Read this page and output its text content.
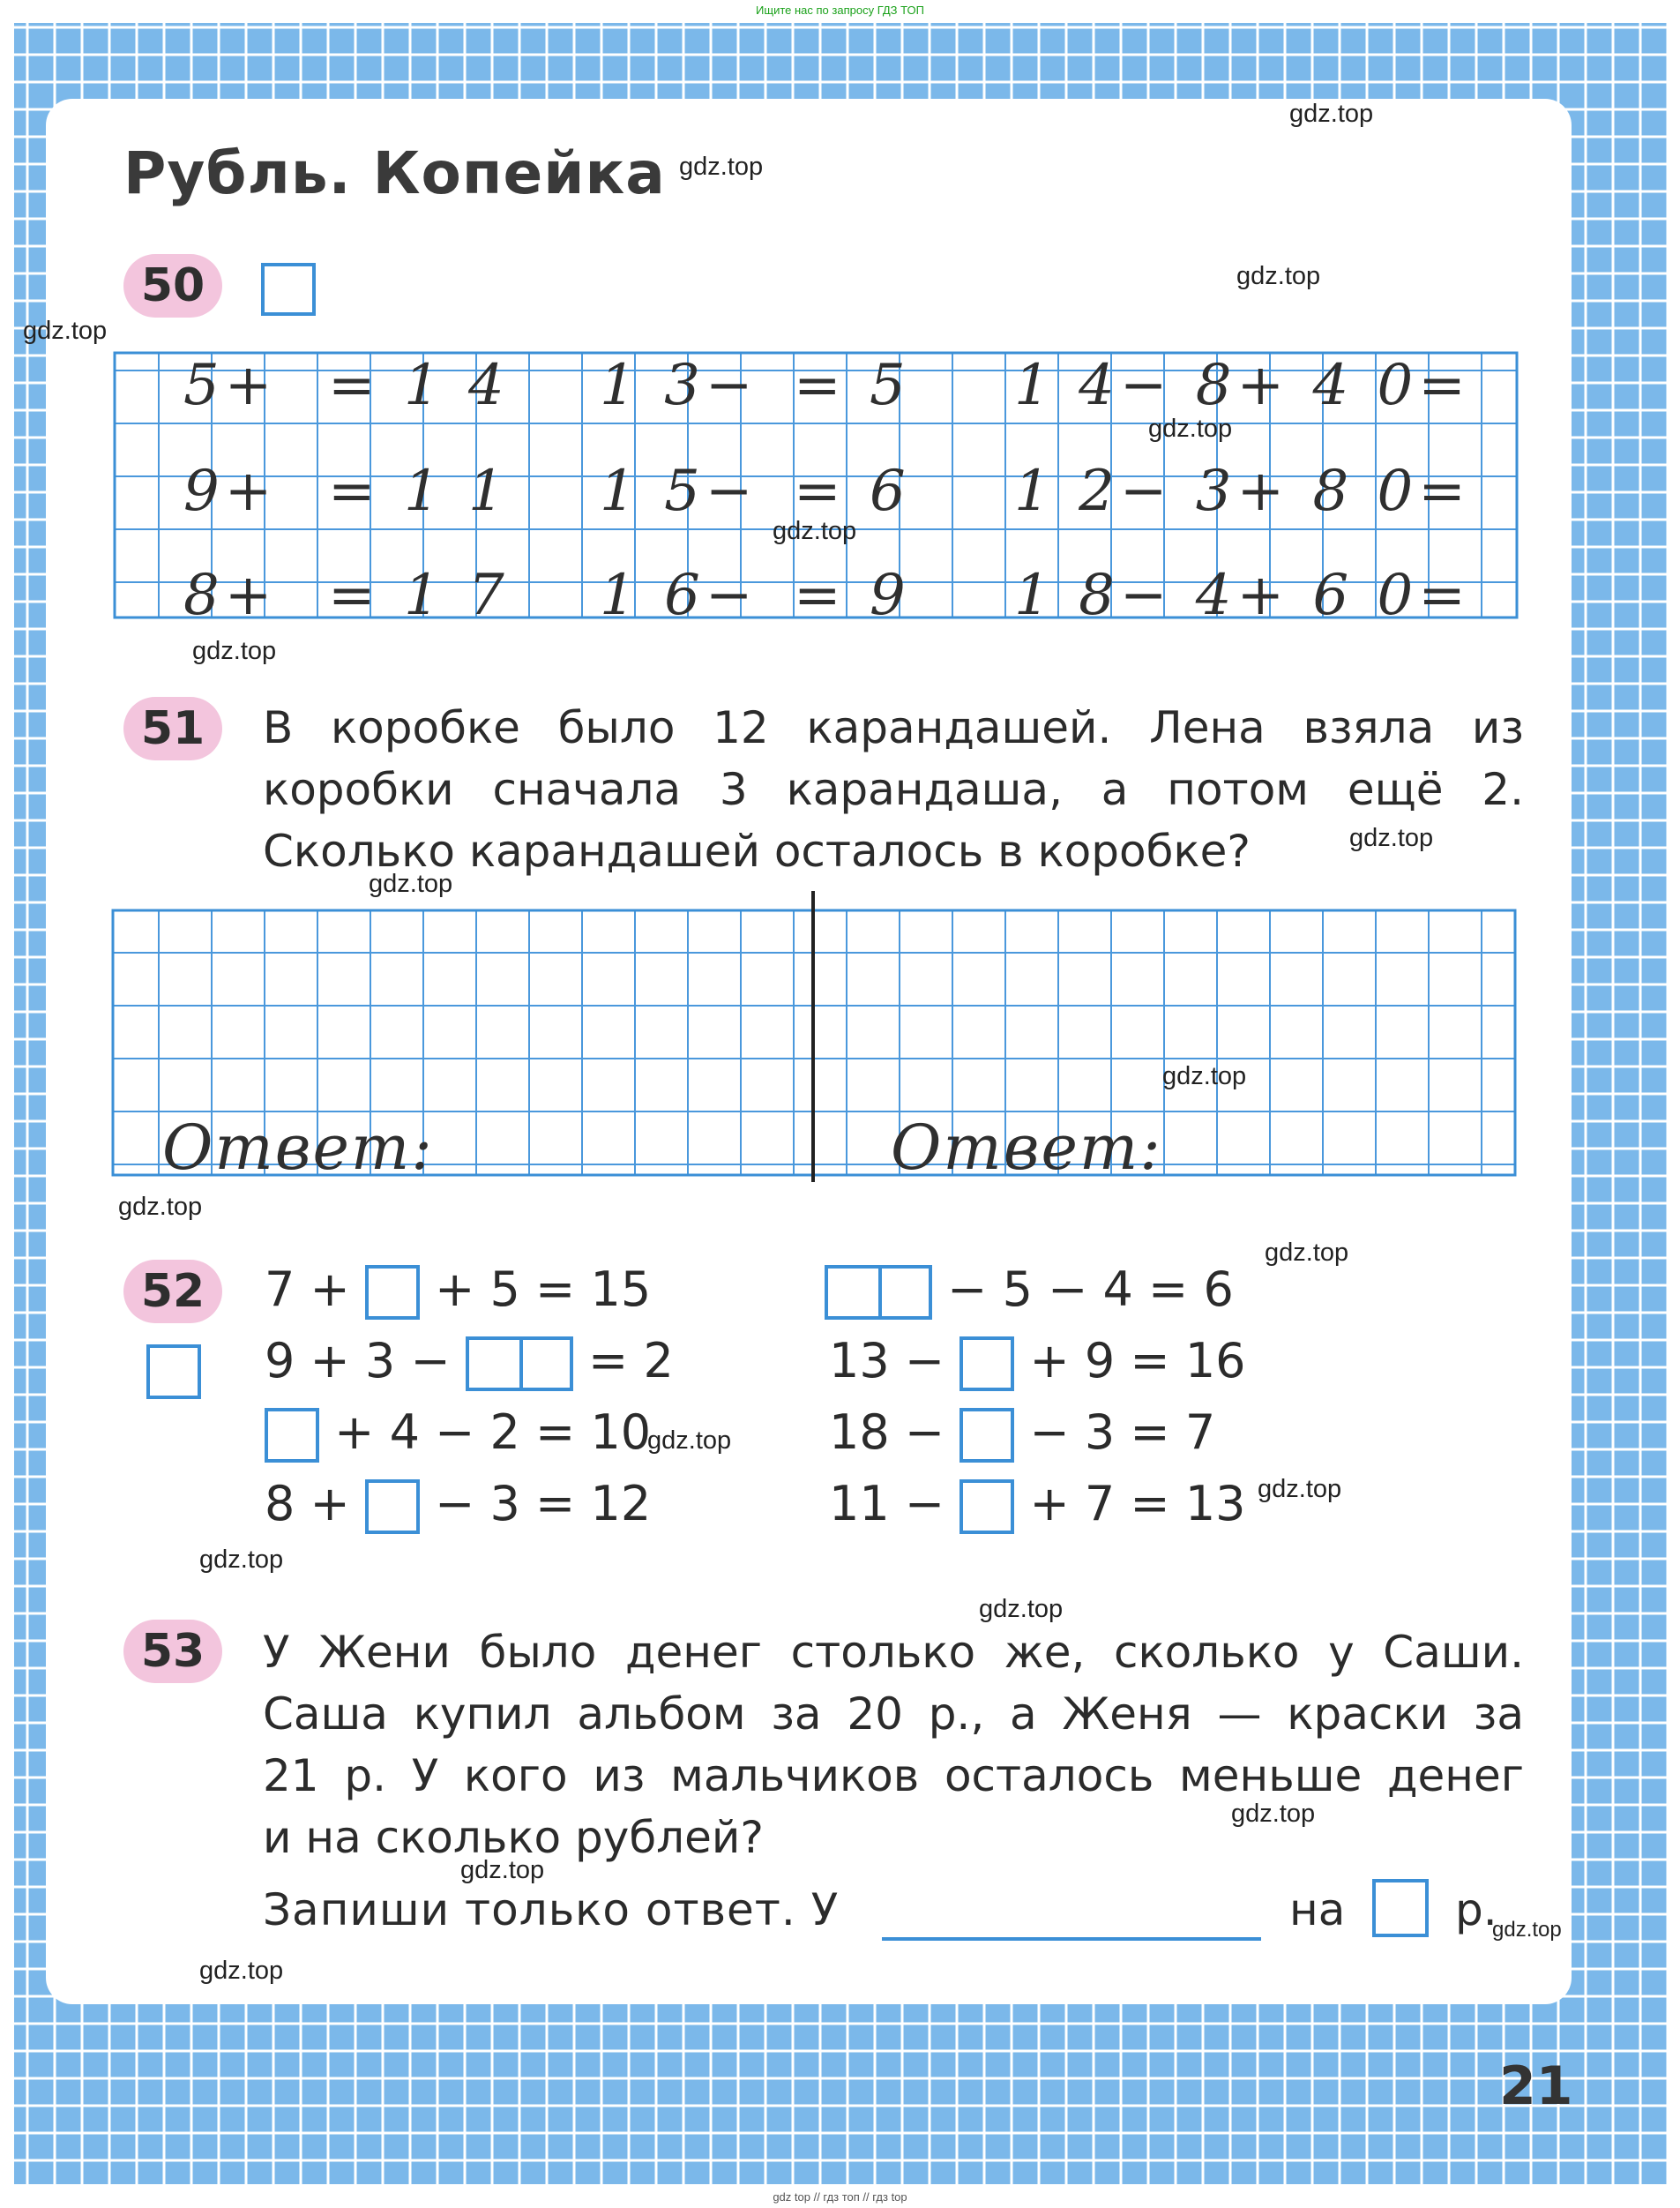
Ищите нас по запросу ГДЗ ТОП
Рубль. Копейка
50
5+ = 1 4 1 3− = 5 1 4− 8+ 4 0=
9+ = 1 1 1 5− = 6 1 2− 3+ 8 0=
8+ = 1 7 1 6− = 9 1 8− 4+ 6 0=
51	В коробке было 12 карандашей. Лена взяла из
коробки сначала 3 карандаша, а потом ещё 2.
Сколько карандашей осталось в коробке?
Ответ:	Ответ:
52	7 + + 5 = 15
9 + 3 −	= 2
+ 4 − 2 = 10
8 + − 3 = 12
− 5 − 4 = 6
13 − + 9 = 16
18 − − 3 = 7
11 − + 7 = 13
53	У Жени было денег столько же, сколько у Саши.
Саша купил альбом за 20 р., а Женя — краски за
21 р. У кого из мальчиков осталось меньше денег
и на сколько рублей?
Запиши только ответ. У	на р.
21
gdz.top
gdz.top
gdz.top
gdz.top
gdz.top
gdz.top
gdz.top
gdz.top
gdz.top
gdz.top
gdz.top
gdz.top
gdz.top
gdz.top
gdz.top
gdz.top
gdz.top
gdz.top
gdz.top
gdz.top
gdz top // гдз топ // гдз top
